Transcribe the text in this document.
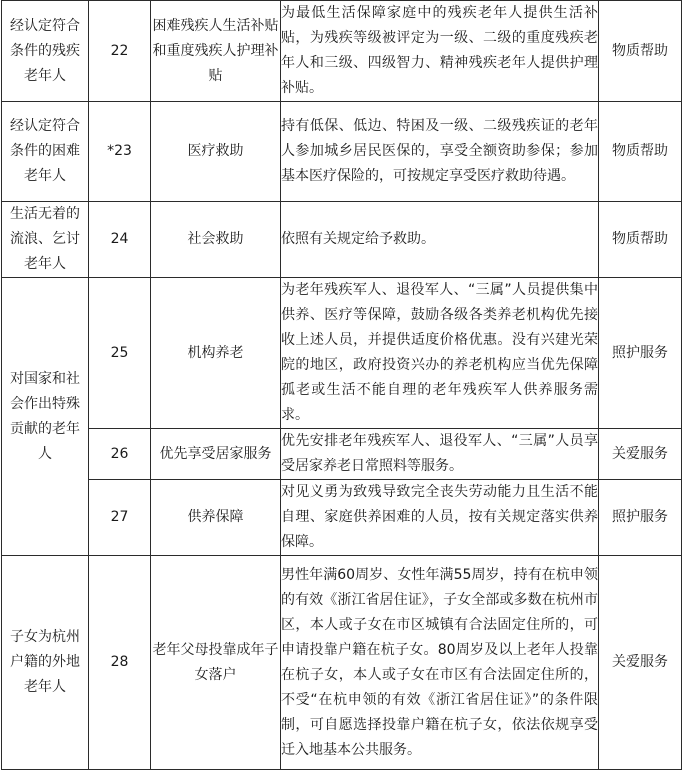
经认定符合条件的残疾老年人	22	困难残疾人生活补贴和重度残疾人护理补贴	为最低生活保障家庭中的残疾老年人提供生活补贴，为残疾等级被评定为一级、二级的重度残疾老年人和三级、四级智力、精神残疾老年人提供护理补贴。	物质帮助
经认定符合条件的困难老年人	*23	医疗救助	持有低保、低边、特困及一级、二级残疾证的老年人参加城乡居民医保的，享受全额资助参保；参加基本医疗保险的，可按规定享受医疗救助待遇。	物质帮助
生活无着的流浪、乞讨老年人	24	社会救助	依照有关规定给予救助。	物质帮助
对国家和社会作出特殊贡献的老年人	25	机构养老	为老年残疾军人、退役军人、“三属”人员提供集中供养、医疗等保障，鼓励各级各类养老机构优先接收上述人员，并提供适度价格优惠。没有兴建光荣院的地区，政府投资兴办的养老机构应当优先保障孤老或生活不能自理的老年残疾军人供养服务需求。	照护服务
	26	优先享受居家服务	优先安排老年残疾军人、退役军人、“三属”人员享受居家养老日常照料等服务。	关爱服务
	27	供养保障	对见义勇为致残导致完全丧失劳动能力且生活不能自理、家庭供养困难的人员，按有关规定落实供养保障。	照护服务
子女为杭州户籍的外地老年人	28	老年父母投靠成年子女落户	男性年满60周岁、女性年满55周岁，持有在杭申领的有效《浙江省居住证》，子女全部或多数在杭州市区，本人或子女在市区城镇有合法固定住所的，可申请投靠户籍在杭子女。80周岁及以上老年人投靠在杭子女，本人或子女在市区有合法固定住所的，不受“在杭申领的有效《浙江省居住证》”的条件限制，可自愿选择投靠户籍在杭子女，依法依规享受迁入地基本公共服务。	关爱服务
